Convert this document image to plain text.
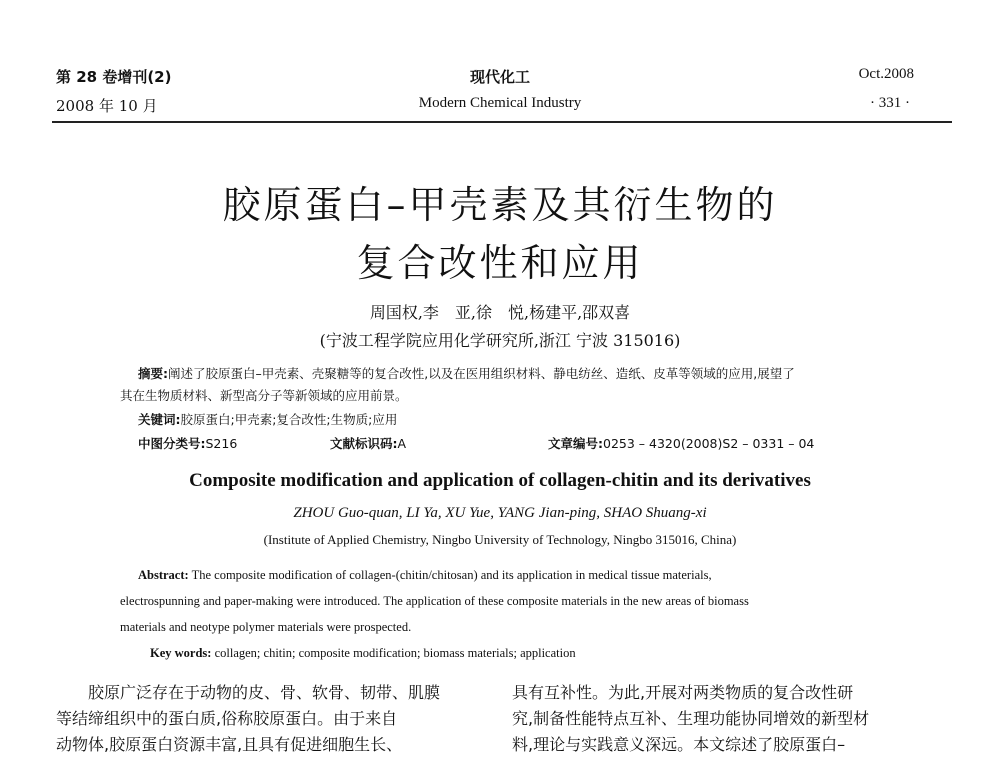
第 28 卷增刊(2)
2008 年 10 月
现代化工
Modern Chemical Industry
Oct.2008
· 331 ·
胶原蛋白–甲壳素及其衍生物的
复合改性和应用
周国权,李　亚,徐　悦,杨建平,邵双喜
(宁波工程学院应用化学研究所,浙江 宁波 315016)
摘要:阐述了胶原蛋白–甲壳素、壳聚糖等的复合改性,以及在医用组织材料、静电纺丝、造纸、皮革等领域的应用,展望了
其在生物质材料、新型高分子等新领域的应用前景。
关键词:胶原蛋白;甲壳素;复合改性;生物质;应用
中图分类号:S216	文献标识码:A	文章编号:0253 – 4320(2008)S2 – 0331 – 04
Composite modification and application of collagen-chitin and its derivatives
ZHOU Guo-quan, LI Ya, XU Yue, YANG Jian-ping, SHAO Shuang-xi
(Institute of Applied Chemistry, Ningbo University of Technology, Ningbo 315016, China)
Abstract: The composite modification of collagen-(chitin/chitosan) and its application in medical tissue materials,
electrospunning and paper-making were introduced. The application of these composite materials in the new areas of biomass
materials and neotype polymer materials were prospected.
Key words: collagen; chitin; composite modification; biomass materials; application
　　胶原广泛存在于动物的皮、骨、软骨、韧带、肌膜
等结缔组织中的蛋白质,俗称胶原蛋白。由于来自
动物体,胶原蛋白资源丰富,且具有促进细胞生长、
具有互补性。为此,开展对两类物质的复合改性研
究,制备性能特点互补、生理功能协同增效的新型材
料,理论与实践意义深远。本文综述了胶原蛋白–
